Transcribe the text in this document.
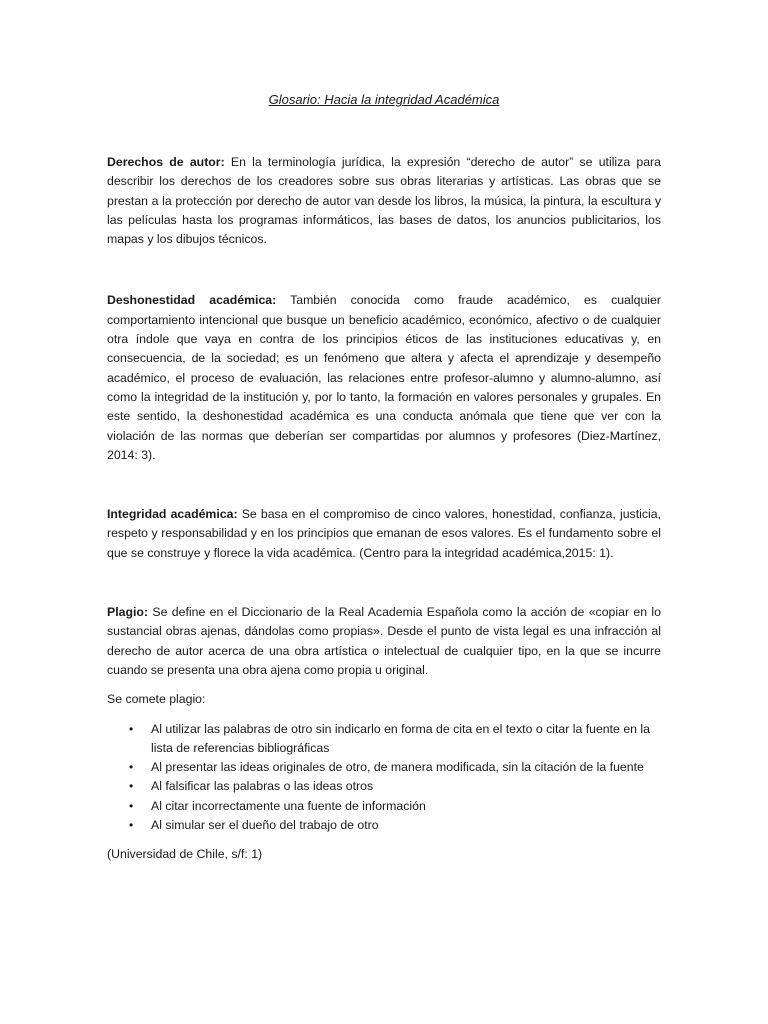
Glosario: Hacia la integridad Académica

Derechos de autor: En la terminología jurídica, la expresión “derecho de autor” se utiliza para describir los derechos de los creadores sobre sus obras literarias y artísticas. Las obras que se prestan a la protección por derecho de autor van desde los libros, la música, la pintura, la escultura y las películas hasta los programas informáticos, las bases de datos, los anuncios publicitarios, los mapas y los dibujos técnicos.

Deshonestidad académica: También conocida como fraude académico, es cualquier comportamiento intencional que busque un beneficio académico, económico, afectivo o de cualquier otra índole que vaya en contra de los principios éticos de las instituciones educativas y, en consecuencia, de la sociedad; es un fenómeno que altera y afecta el aprendizaje y desempeño académico, el proceso de evaluación, las relaciones entre profesor-alumno y alumno-alumno, así como la integridad de la institución y, por lo tanto, la formación en valores personales y grupales. En este sentido, la deshonestidad académica es una conducta anómala que tiene que ver con la violación de las normas que deberían ser compartidas por alumnos y profesores (Diez-Martínez, 2014: 3).

Integridad académica: Se basa en el compromiso de cinco valores, honestidad, confianza, justicia, respeto y responsabilidad y en los principios que emanan de esos valores. Es el fundamento sobre el que se construye y florece la vida académica. (Centro para la integridad académica,2015: 1).

Plagio: Se define en el Diccionario de la Real Academia Española como la acción de «copiar en lo sustancial obras ajenas, dándolas como propias». Desde el punto de vista legal es una infracción al derecho de autor acerca de una obra artística o intelectual de cualquier tipo, en la que se incurre cuando se presenta una obra ajena como propia u original.

Se comete plagio:

• Al utilizar las palabras de otro sin indicarlo en forma de cita en el texto o citar la fuente en la lista de referencias bibliográficas
• Al presentar las ideas originales de otro, de manera modificada, sin la citación de la fuente
• Al falsificar las palabras o las ideas otros
• Al citar incorrectamente una fuente de información
• Al simular ser el dueño del trabajo de otro

(Universidad de Chile, s/f: 1)
